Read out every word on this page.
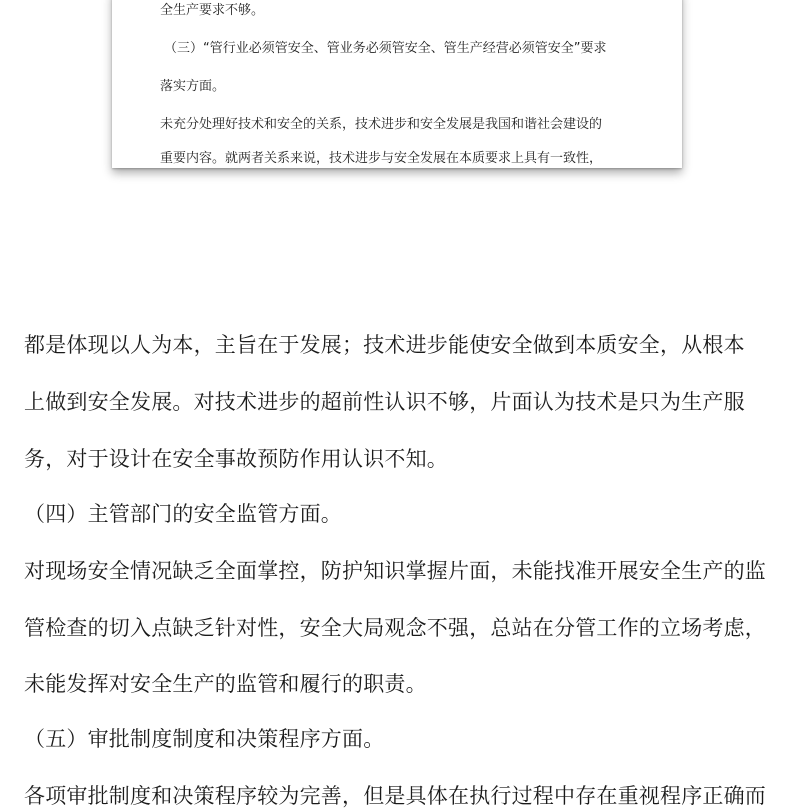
全生产要求不够。
（三）“管行业必须管安全、管业务必须管安全、管生产经营必须管安全”要求
落实方面。
未充分处理好技术和安全的关系，技术进步和安全发展是我国和谐社会建设的
重要内容。就两者关系来说，技术进步与安全发展在本质要求上具有一致性，
都是体现以人为本，主旨在于发展；技术进步能使安全做到本质安全，从根本
上做到安全发展。对技术进步的超前性认识不够，片面认为技术是只为生产服
务，对于设计在安全事故预防作用认识不知。
（四）主管部门的安全监管方面。
对现场安全情况缺乏全面掌控，防护知识掌握片面，未能找准开展安全生产的监
管检查的切入点缺乏针对性，安全大局观念不强，总站在分管工作的立场考虑，
未能发挥对安全生产的监管和履行的职责。
（五）审批制度制度和决策程序方面。
各项审批制度和决策程序较为完善，但是具体在执行过程中存在重视程序正确而
